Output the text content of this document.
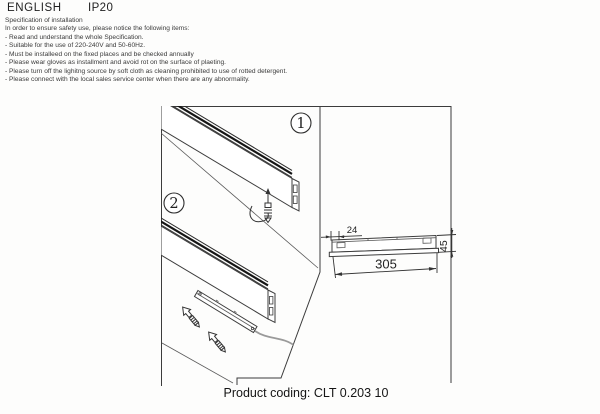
ENGLISH IP20
Specification of installation
In order to ensure safety use, please notice the following items:
- Read and understand the whole Specification.
- Suitable for the use of 220-240V and 50-60Hz.
- Must be installeed on the fixed places and be checked annually
- Please wear gloves as installment and avoid rot on the surface of plaeting.
- Please turn off the lighitng source by soft cloth as cleaning prohibited to use of rotted detergent.
- Please connect with the local sales service center when there are any abnormality.
1
2
24
45
305
Product coding: CLT 0.203 10
